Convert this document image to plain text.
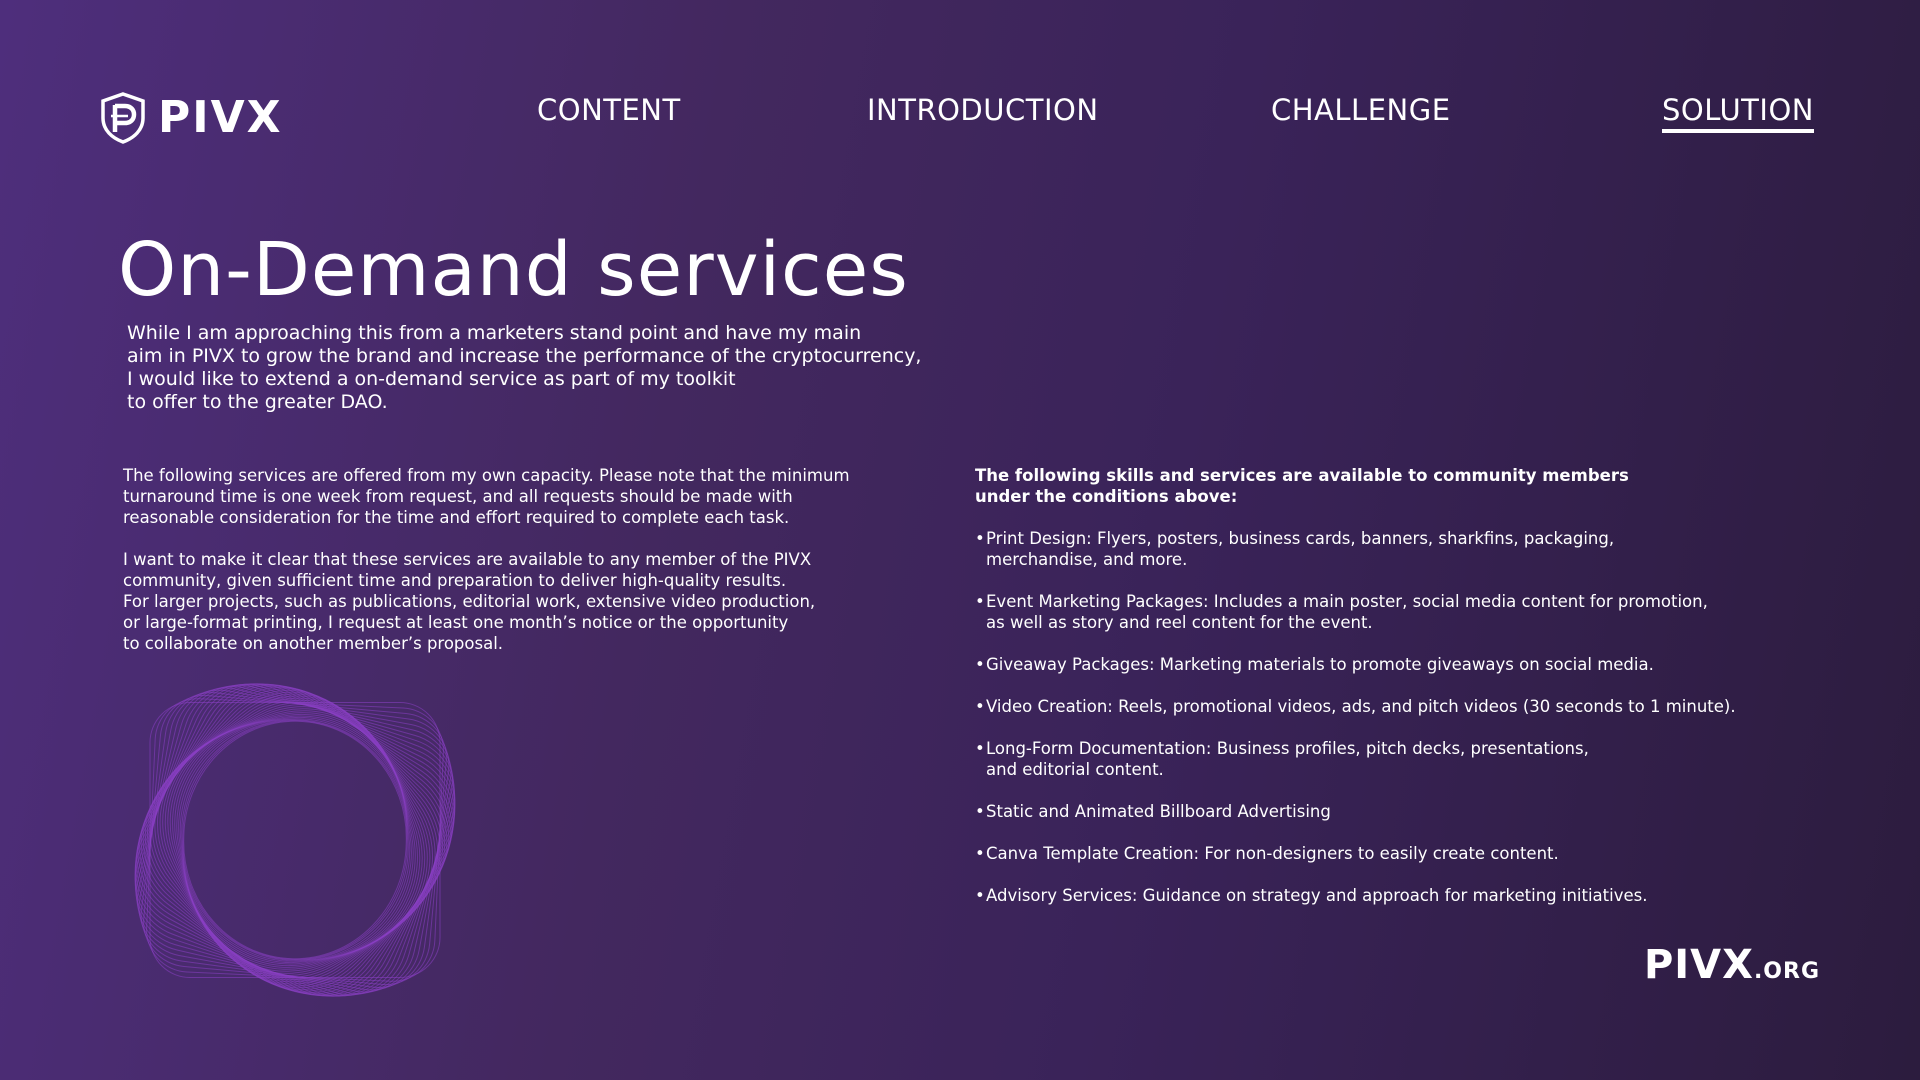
PIVX	CONTENT	INTRODUCTION	CHALLENGE	SOLUTION
On-Demand services

While I am approaching this from a marketers stand point and have my main
aim in PIVX to grow the brand and increase the performance of the cryptocurrency,
I would like to extend a on-demand service as part of my toolkit
to offer to the greater DAO.

The following services are offered from my own capacity. Please note that the minimum
turnaround time is one week from request, and all requests should be made with
reasonable consideration for the time and effort required to complete each task.

I want to make it clear that these services are available to any member of the PIVX
community, given sufficient time and preparation to deliver high-quality results.
For larger projects, such as publications, editorial work, extensive video production,
or large-format printing, I request at least one month’s notice or the opportunity
to collaborate on another member’s proposal.

The following skills and services are available to community members
under the conditions above:

•Print Design: Flyers, posters, business cards, banners, sharkfins, packaging,
merchandise, and more.
•Event Marketing Packages: Includes a main poster, social media content for promotion,
as well as story and reel content for the event.
•Giveaway Packages: Marketing materials to promote giveaways on social media.
•Video Creation: Reels, promotional videos, ads, and pitch videos (30 seconds to 1 minute).
•Long-Form Documentation: Business profiles, pitch decks, presentations,
and editorial content.
•Static and Animated Billboard Advertising
•Canva Template Creation: For non-designers to easily create content.
•Advisory Services: Guidance on strategy and approach for marketing initiatives.
PIVX .ORG
